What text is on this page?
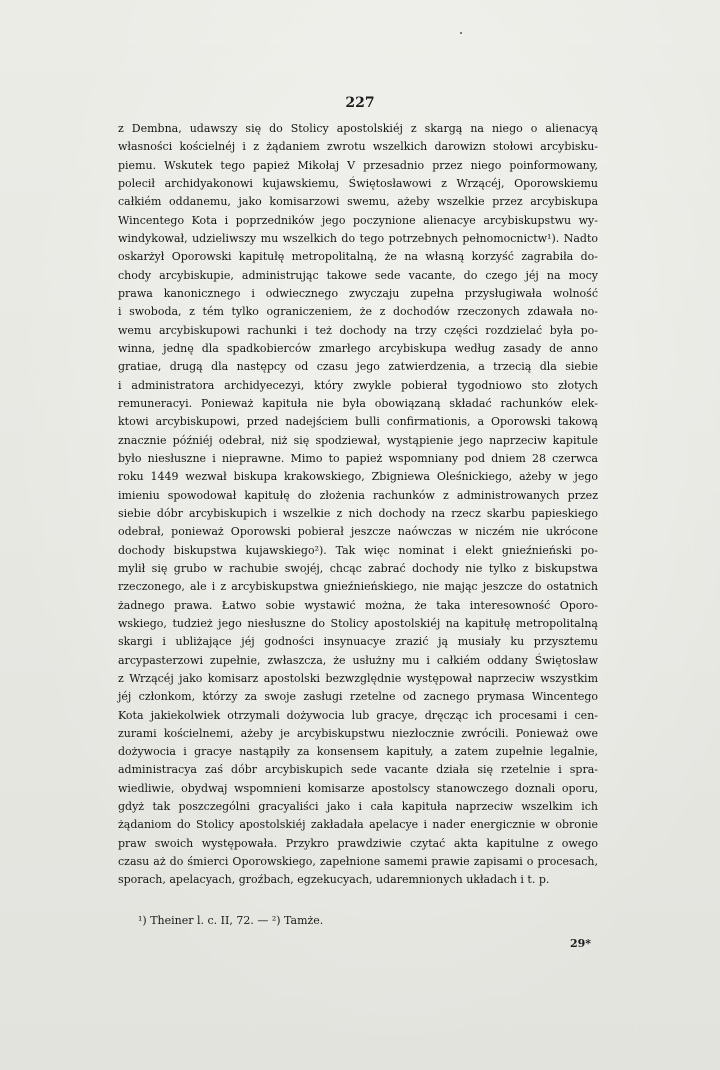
227
z Dembna, udawszy się do Stolicy apostolskiéj z skargą na niego o alienacyą
własności kościelnéj i z żądaniem zwrotu wszelkich darowizn stołowi arcybisku-
piemu. Wskutek tego papież Mikołaj V przesadnio przez niego poinformowany,
polecił archidyakonowi kujawskiemu, Świętosławowi z Wrzącéj, Oporowskiemu
całkiém oddanemu, jako komisarzowi swemu, ażeby wszelkie przez arcybiskupa
Wincentego Kota i poprzedników jego poczynione alienacye arcybiskupstwu wy-
windykował, udzieliwszy mu wszelkich do tego potrzebnych pełnomocnictw¹). Nadto
oskarżył Oporowski kapitułę metropolitalną, że na własną korzyść zagrabiła do-
chody arcybiskupie, administrując takowe sede vacante, do czego jéj na mocy
prawa kanonicznego i odwiecznego zwyczaju zupełna przysługiwała wolność
i swoboda, z tém tylko ograniczeniem, że z dochodów rzeczonych zdawała no-
wemu arcybiskupowi rachunki i też dochody na trzy części rozdzielać była po-
winna, jednę dla spadkobierców zmarłego arcybiskupa według zasady de anno
gratiae, drugą dla następcy od czasu jego zatwierdzenia, a trzecią dla siebie
i administratora archidyecezyi, który zwykle pobierał tygodniowo sto złotych
remuneracyi. Ponieważ kapituła nie była obowiązaną składać rachunków elek-
ktowi arcybiskupowi, przed nadejściem bulli confirmationis, a Oporowski takową
znacznie późniéj odebrał, niż się spodziewał, wystąpienie jego naprzeciw kapitule
było niesłuszne i nieprawne. Mimo to papież wspomniany pod dniem 28 czerwca
roku 1449 wezwał biskupa krakowskiego, Zbigniewa Oleśnickiego, ażeby w jego
imieniu spowodował kapitułę do złożenia rachunków z administrowanych przez
siebie dóbr arcybiskupich i wszelkie z nich dochody na rzecz skarbu papieskiego
odebrał, ponieważ Oporowski pobierał jeszcze naówczas w niczém nie ukrócone
dochody biskupstwa kujawskiego²). Tak więc nominat i elekt gnieźnieński po-
mylił się grubo w rachubie swojéj, chcąc zabrać dochody nie tylko z biskupstwa
rzeczonego, ale i z arcybiskupstwa gnieźnieńskiego, nie mając jeszcze do ostatnich
żadnego prawa. Łatwo sobie wystawić można, że taka interesowność Oporo-
wskiego, tudzież jego niesłuszne do Stolicy apostolskiéj na kapitułę metropolitalną
skargi i ubliżające jéj godności insynuacye zrazić ją musiały ku przysztemu
arcypasterzowi zupełnie, zwłaszcza, że usłużny mu i całkiém oddany Świętosław
z Wrzącéj jako komisarz apostolski bezwzględnie występował naprzeciw wszystkim
jéj członkom, którzy za swoje zasługi rzetelne od zacnego prymasa Wincentego
Kota jakiekolwiek otrzymali dożywocia lub gracye, dręcząc ich procesami i cen-
zurami kościelnemi, ażeby je arcybiskupstwu niezłocznie zwrócili. Ponieważ owe
dożywocia i gracye nastąpiły za konsensem kapituły, a zatem zupełnie legalnie,
administracya zaś dóbr arcybiskupich sede vacante działa się rzetelnie i spra-
wiedliwie, obydwaj wspomnieni komisarze apostolscy stanowczego doznali oporu,
gdyż tak poszczególni gracyaliści jako i cała kapituła naprzeciw wszelkim ich
żądaniom do Stolicy apostolskiéj zakładała apelacye i nader energicznie w obronie
praw swoich występowała. Przykro prawdziwie czytać akta kapitulne z owego
czasu aż do śmierci Oporowskiego, zapełnione samemi prawie zapisami o procesach,
sporach, apelacyach, groźbach, egzekucyach, udaremnionych układach i t. p.
¹) Theiner l. c. II, 72. — ²) Tamże.
29*
